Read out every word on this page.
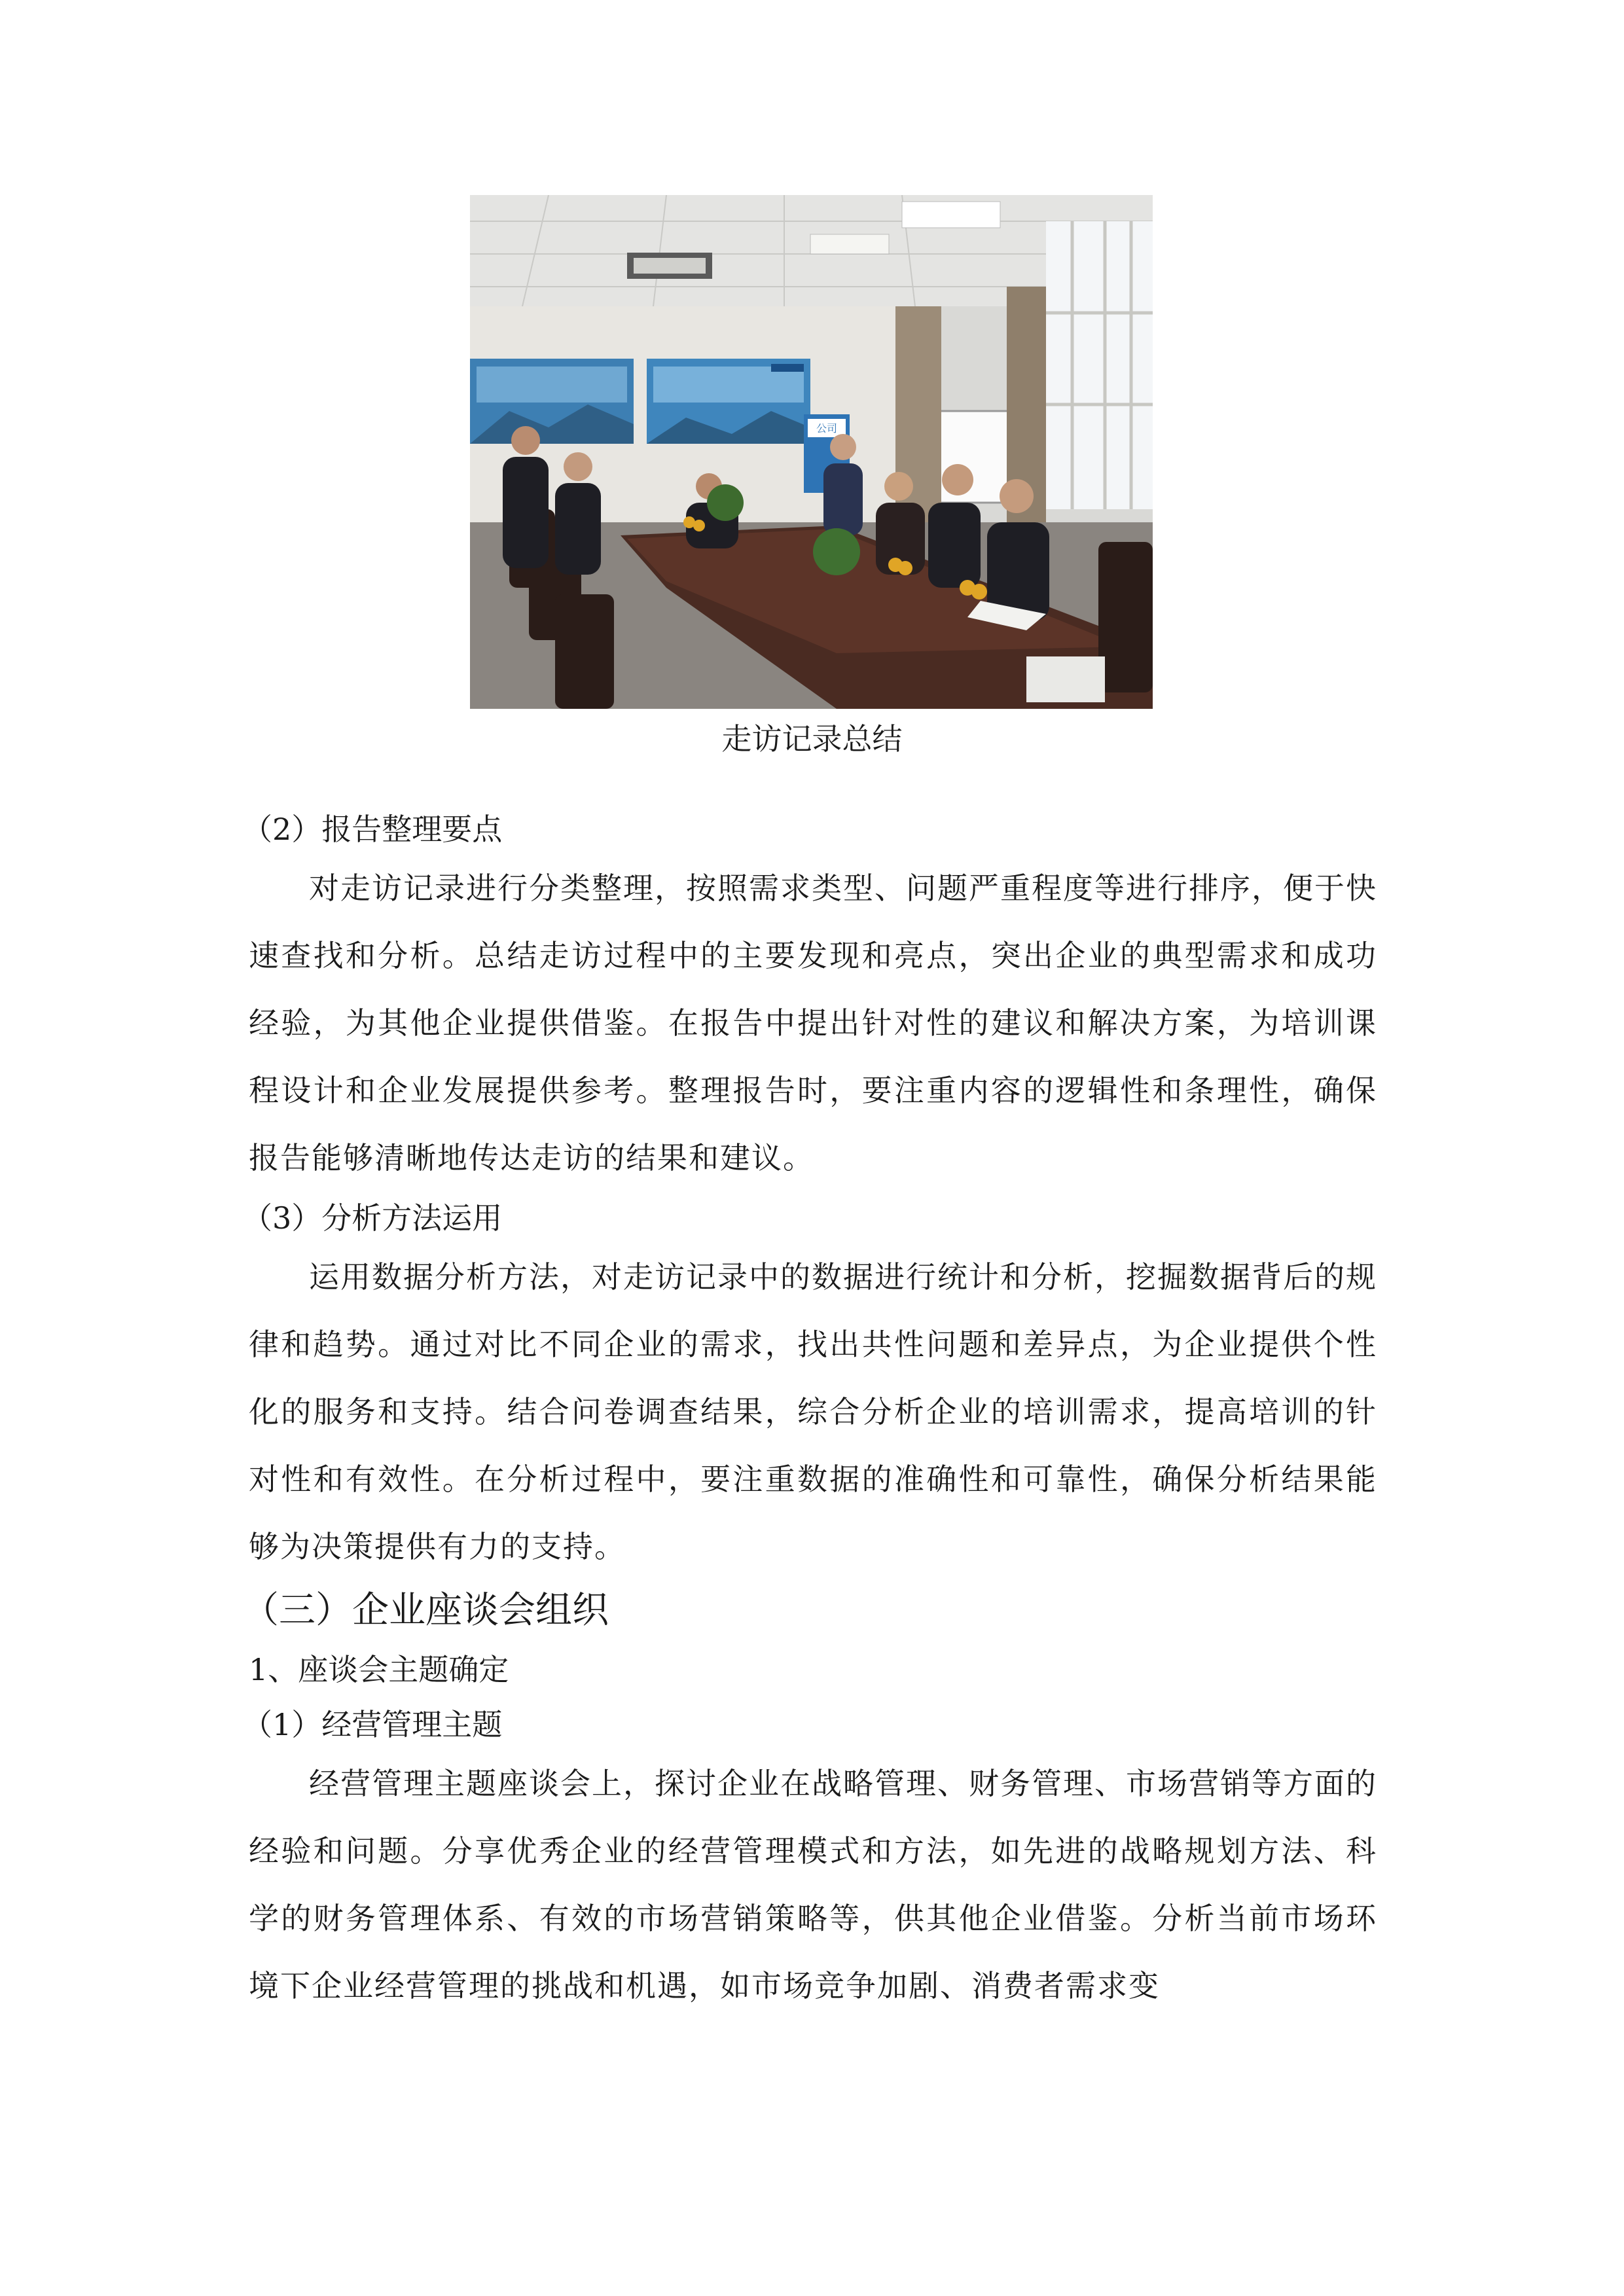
公司
走访记录总结
（2）报告整理要点

对走访记录进行分类整理，按照需求类型、问题严重程度等进行排序，便于快速查找和分析。总结走访过程中的主要发现和亮点，突出企业的典型需求和成功经验，为其他企业提供借鉴。在报告中提出针对性的建议和解决方案，为培训课程设计和企业发展提供参考。整理报告时，要注重内容的逻辑性和条理性，确保报告能够清晰地传达走访的结果和建议。

（3）分析方法运用

运用数据分析方法，对走访记录中的数据进行统计和分析，挖掘数据背后的规律和趋势。通过对比不同企业的需求，找出共性问题和差异点，为企业提供个性化的服务和支持。结合问卷调查结果，综合分析企业的培训需求，提高培训的针对性和有效性。在分析过程中，要注重数据的准确性和可靠性，确保分析结果能够为决策提供有力的支持。

（三）企业座谈会组织
1、座谈会主题确定
（1）经营管理主题

经营管理主题座谈会上，探讨企业在战略管理、财务管理、市场营销等方面的经验和问题。分享优秀企业的经营管理模式和方法，如先进的战略规划方法、科学的财务管理体系、有效的市场营销策略等，供其他企业借鉴。分析当前市场环境下企业经营管理的挑战和机遇，如市场竞争加剧、消费者需求变
